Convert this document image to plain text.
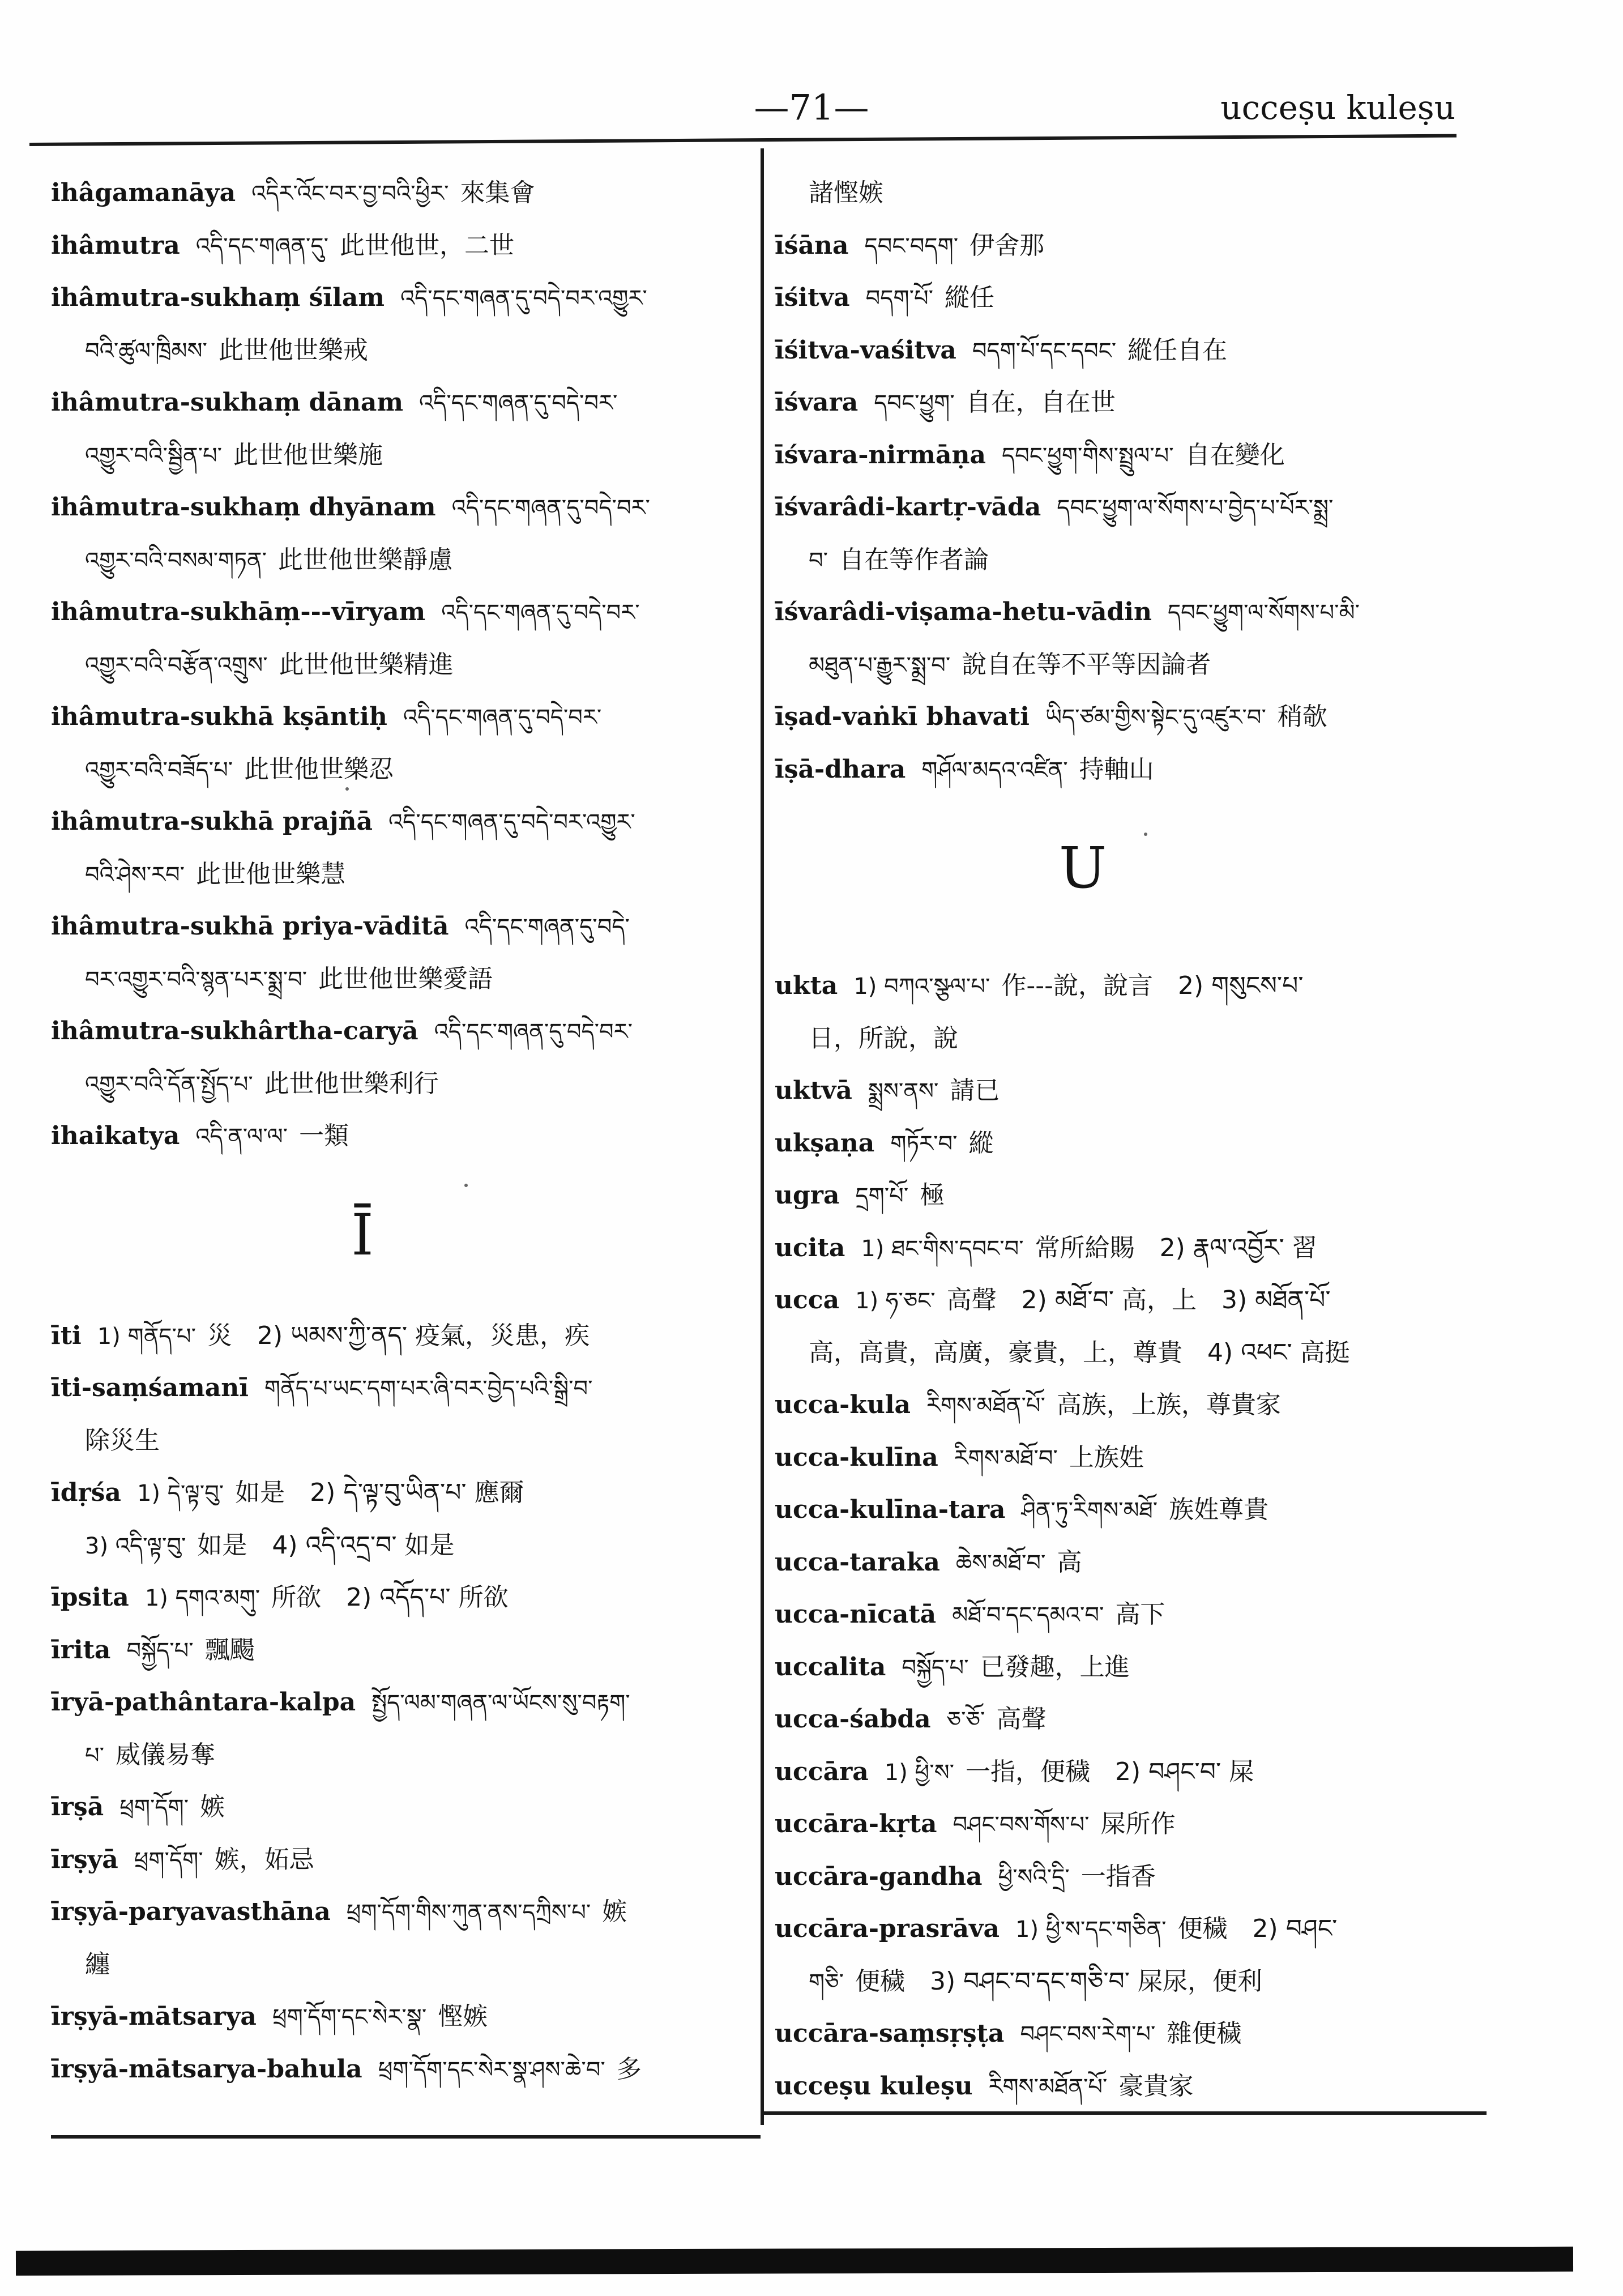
—71—	ucceṣu kuleṣu
ihâgamanāya འདིར་འོང་བར་བྱ་བའི་ཕྱིར་ 來集會
ihâmutra འདི་དང་གཞན་དུ་ 此世他世，二世
ihâmutra-sukhaṃ śīlam འདི་དང་གཞན་དུ་བདེ་བར་འགྱུར་
བའི་ཚུལ་ཁྲིམས་ 此世他世樂戒
ihâmutra-sukhaṃ dānam འདི་དང་གཞན་དུ་བདེ་བར་
འགྱུར་བའི་སྦྱིན་པ་ 此世他世樂施
ihâmutra-sukhaṃ dhyānam འདི་དང་གཞན་དུ་བདེ་བར་
འགྱུར་བའི་བསམ་གཏན་ 此世他世樂靜慮
ihâmutra-sukhāṃ---vīryam འདི་དང་གཞན་དུ་བདེ་བར་
འགྱུར་བའི་བརྩོན་འགྲུས་ 此世他世樂精進
ihâmutra-sukhā kṣāntiḥ འདི་དང་གཞན་དུ་བདེ་བར་
འགྱུར་བའི་བཟོད་པ་ 此世他世樂忍
ihâmutra-sukhā prajñā འདི་དང་གཞན་དུ་བདེ་བར་འགྱུར་
བའི་ཤེས་རབ་ 此世他世樂慧
ihâmutra-sukhā priya-vāditā འདི་དང་གཞན་དུ་བདེ་
བར་འགྱུར་བའི་སྙན་པར་སྨྲ་བ་ 此世他世樂愛語
ihâmutra-sukhârtha-caryā འདི་དང་གཞན་དུ་བདེ་བར་
འགྱུར་བའི་དོན་སྤྱོད་པ་ 此世他世樂利行
ihaikatya འདི་ན་ལ་ལ་ 一類
Ī
īti 1) གནོད་པ་ 災　2) ཡམས་ཀྱི་ནད་ 疫氣，災患，疾
īti-saṃśamanī གནོད་པ་ཡང་དག་པར་ཞི་བར་བྱེད་པའི་སྒྲི་བ་
除災生
īdṛśa 1) དེ་ལྟ་བུ་ 如是　2) དེ་ལྟ་བུ་ཡིན་པ་ 應爾
3) འདི་ལྟ་བུ་ 如是　4) འདི་འདྲ་བ་ 如是
īpsita 1) དགའ་མགུ་ 所欲　2) འདོད་པ་ 所欲
īrita བསྐྱོད་པ་ 飄颺
īryā-pathântara-kalpa སྤྱོད་ལམ་གཞན་ལ་ཡོངས་སུ་བརྟག་
པ་ 威儀易奪
īrṣā ཕྲག་དོག་ 嫉
īrṣyā ཕྲག་དོག་ 嫉，妬忌
īrṣyā-paryavasthāna ཕྲག་དོག་གིས་ཀུན་ནས་དཀྲིས་པ་ 嫉
纏
īrṣyā-mātsarya ཕྲག་དོག་དང་སེར་སྣ་ 慳嫉
īrṣyā-mātsarya-bahula ཕྲག་དོག་དང་སེར་སྣ་ཤས་ཆེ་བ་ 多
諸慳嫉
īśāna དབང་བདག་ 伊舍那
īśitva བདག་པོ་ 縱任
īśitva-vaśitva བདག་པོ་དང་དབང་ 縱任自在
īśvara དབང་ཕྱུག་ 自在，自在世
īśvara-nirmāṇa དབང་ཕྱུག་གིས་སྤྲུལ་པ་ 自在變化
īśvarâdi-kartṛ-vāda དབང་ཕྱུག་ལ་སོགས་པ་བྱེད་པ་པོར་སྨྲ་
བ་ 自在等作者論
īśvarâdi-viṣama-hetu-vādin དབང་ཕྱུག་ལ་སོགས་པ་མི་
མཐུན་པ་རྒྱུར་སྨྲ་བ་ 說自在等不平等因論者
īṣad-vaṅkī bhavati ཡིད་ཙམ་གྱིས་སྟེང་དུ་འཛུར་བ་ 稍欹
īṣā-dhara གཤོལ་མདའ་འཛིན་ 持軸山
U
ukta 1) བཀའ་སྩལ་པ་ 作---說，說言　2) གསུངས་པ་
日，所說，說
uktvā སྨྲས་ནས་ 請已
ukṣaṇa གཏོར་བ་ 縱
ugra དྲག་པོ་ 極
ucita 1) ཐང་གིས་དབང་བ་ 常所給賜　2) རྣལ་འབྱོར་ 習
ucca 1) ཧ་ཅང་ 高聲　2) མཐོ་བ་ 高，上　3) མཐོན་པོ་
高，高貴，高廣，豪貴，上，尊貴　4) འཕང་ 高挺
ucca-kula རིགས་མཐོན་པོ་ 高族，上族，尊貴家
ucca-kulīna རིགས་མཐོ་བ་ 上族姓
ucca-kulīna-tara ཤིན་ཏུ་རིགས་མཐོ་ 族姓尊貴
ucca-taraka ཆེས་མཐོ་བ་ 高
ucca-nīcatā མཐོ་བ་དང་དམའ་བ་ 高下
uccalita བསྐྱོད་པ་ 已發趣，上進
ucca-śabda ཅ་ཅོ་ 高聲
uccāra 1) ཕྱི་ས་ 一指，便穢　2) བཤང་བ་ 屎
uccāra-kṛta བཤང་བས་གོས་པ་ 屎所作
uccāra-gandha ཕྱི་སའི་དྲི་ 一指香
uccāra-prasrāva 1) ཕྱི་ས་དང་གཅིན་ 便穢　2) བཤང་
གཅི་ 便穢　3) བཤང་བ་དང་གཅི་བ་ 屎尿，便利
uccāra-saṃsṛṣṭa བཤང་བས་རེག་པ་ 雜便穢
ucceṣu kuleṣu རིགས་མཐོན་པོ་ 豪貴家
